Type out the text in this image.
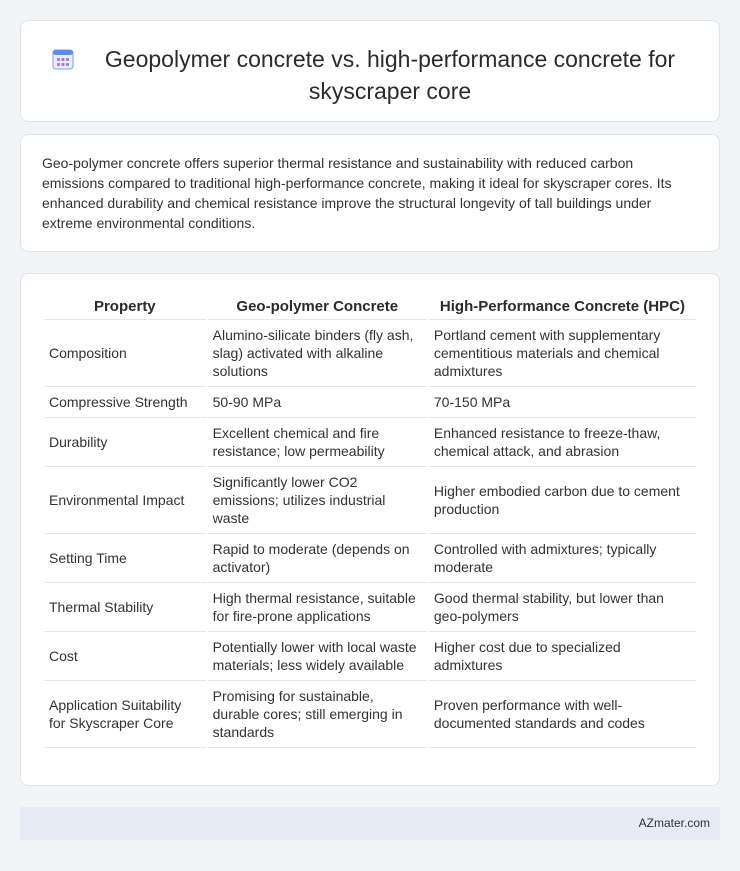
Geopolymer concrete vs. high-performance concrete for skyscraper core

Geo-polymer concrete offers superior thermal resistance and sustainability with reduced carbon emissions compared to traditional high-performance concrete, making it ideal for skyscraper cores. Its enhanced durability and chemical resistance improve the structural longevity of tall buildings under extreme environmental conditions.

Property	Geo-polymer Concrete	High-Performance Concrete (HPC)
Composition	Alumino-silicate binders (fly ash, slag) activated with alkaline solutions	Portland cement with supplementary cementitious materials and chemical admixtures
Compressive Strength	50-90 MPa	70-150 MPa
Durability	Excellent chemical and fire resistance; low permeability	Enhanced resistance to freeze-thaw, chemical attack, and abrasion
Environmental Impact	Significantly lower CO2 emissions; utilizes industrial waste	Higher embodied carbon due to cement production
Setting Time	Rapid to moderate (depends on activator)	Controlled with admixtures; typically moderate
Thermal Stability	High thermal resistance, suitable for fire-prone applications	Good thermal stability, but lower than geo-polymers
Cost	Potentially lower with local waste materials; less widely available	Higher cost due to specialized admixtures
Application Suitability for Skyscraper Core	Promising for sustainable, durable cores; still emerging in standards	Proven performance with well-documented standards and codes
AZmater.com
